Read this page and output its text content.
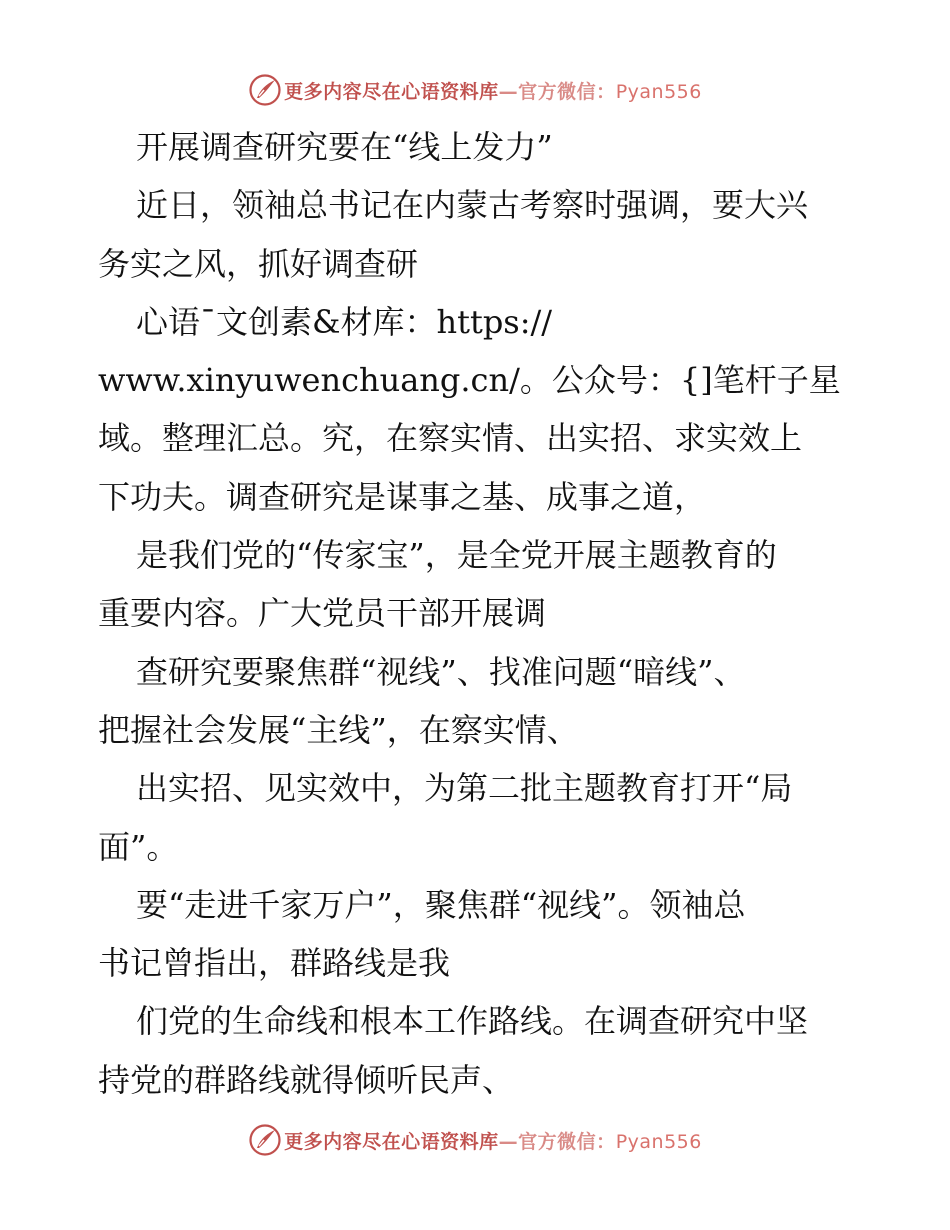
更多内容尽在心语资料库—官方微信：Pyan556
开展调查研究要在“线上发力”
近日，领袖总书记在内蒙古考察时强调，要大兴
务实之风，抓好调查研
心语¯文创素&材库：https://
www.xinyuwenchuang.cn/。公众号：{]笔杆子星
域。整理汇总。究，在察实情、出实招、求实效上
下功夫。调查研究是谋事之基、成事之道，
是我们党的“传家宝”，是全党开展主题教育的
重要内容。广大党员干部开展调
查研究要聚焦群“视线”、找准问题“暗线”、
把握社会发展“主线”，在察实情、
出实招、见实效中，为第二批主题教育打开“局
面”。
要“走进千家万户”，聚焦群“视线”。领袖总
书记曾指出，群路线是我
们党的生命线和根本工作路线。在调查研究中坚
持党的群路线就得倾听民声、
更多内容尽在心语资料库—官方微信：Pyan556
